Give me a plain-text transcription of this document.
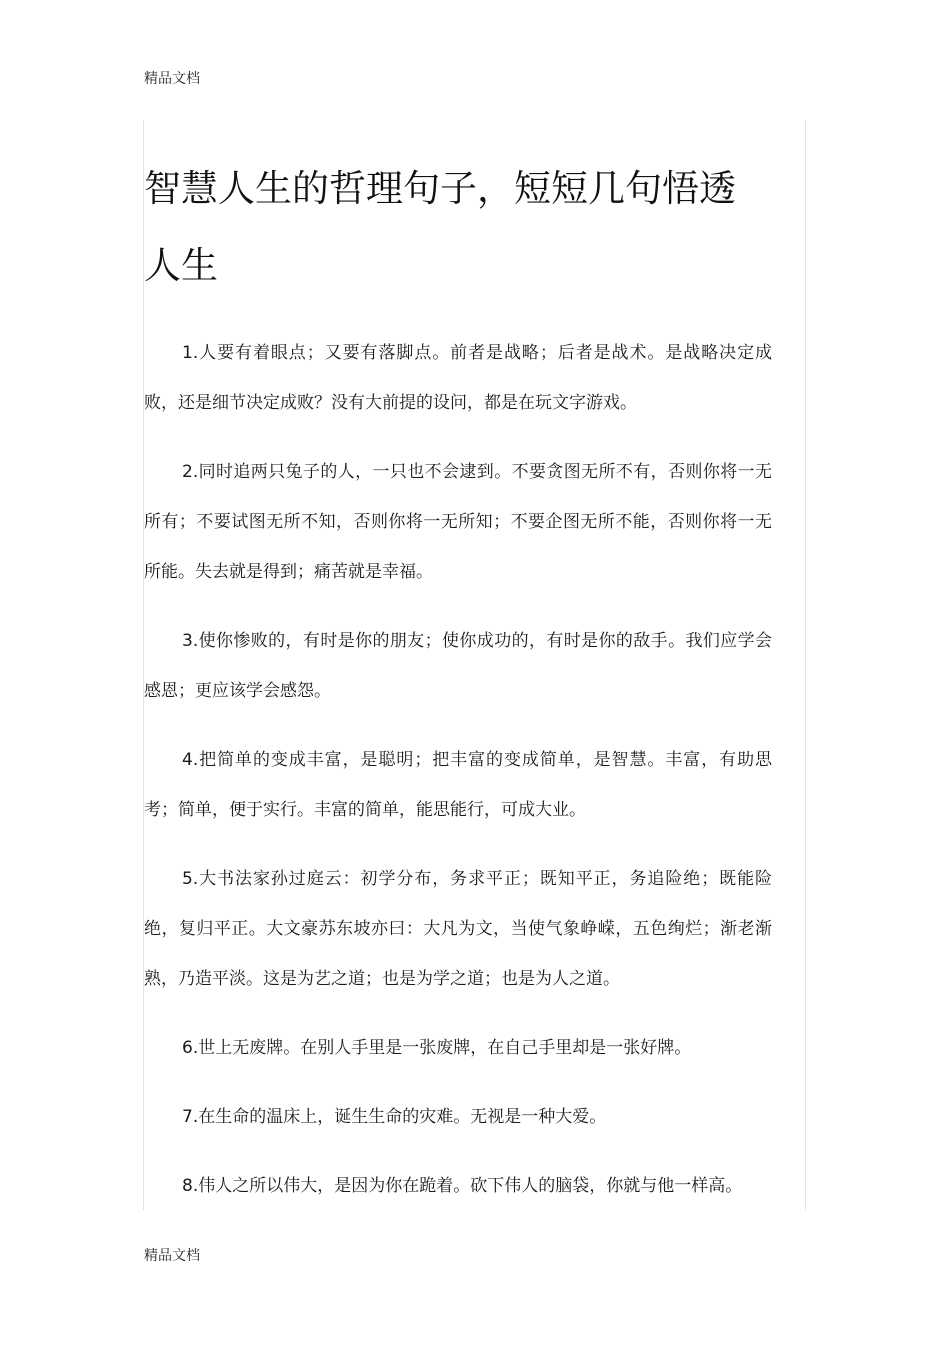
精品文档
智慧人生的哲理句子，短短几句悟透人生

1.人要有着眼点；又要有落脚点。前者是战略；后者是战术。是战略决定成败，还是细节决定成败？没有大前提的设问，都是在玩文字游戏。

2.同时追两只兔子的人，一只也不会逮到。不要贪图无所不有，否则你将一无所有；不要试图无所不知，否则你将一无所知；不要企图无所不能，否则你将一无所能。失去就是得到；痛苦就是幸福。

3.使你惨败的，有时是你的朋友；使你成功的，有时是你的敌手。我们应学会感恩；更应该学会感怨。

4.把简单的变成丰富，是聪明；把丰富的变成简单，是智慧。丰富，有助思考；简单，便于实行。丰富的简单，能思能行，可成大业。

5.大书法家孙过庭云：初学分布，务求平正；既知平正，务追险绝；既能险绝，复归平正。大文豪苏东坡亦曰：大凡为文，当使气象峥嵘，五色绚烂；渐老渐熟，乃造平淡。这是为艺之道；也是为学之道；也是为人之道。

6.世上无废牌。在别人手里是一张废牌，在自己手里却是一张好牌。

7.在生命的温床上，诞生生命的灾难。无视是一种大爱。

8.伟人之所以伟大，是因为你在跪着。砍下伟人的脑袋，你就与他一样高。

精品文档
